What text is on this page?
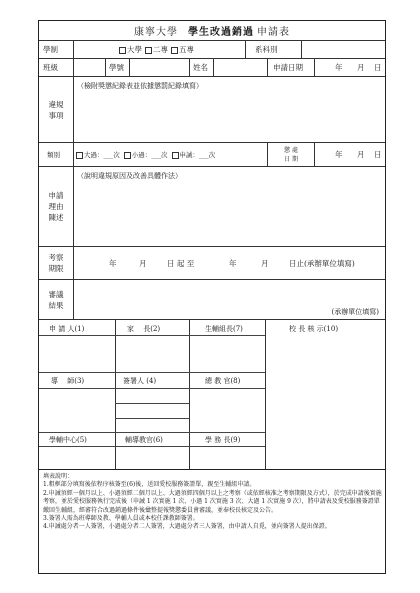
康寧大學 學生改過銷過 申請表
學制	大學	二專	五專	系科別
班級	學號	姓名	申請日期	年 月 日
違規
事項
（檢附獎懲紀錄表並依據懲罰紀錄填寫）
類別	大過：___次	小過：___次	申誡：___次
懲 處
日 期	年 月 日
申請
理由
陳述
（說明違規原因及改善具體作法）
考察
期限
年	月	日 起 至	年	月	日止(承辦單位填寫)
審議
結果
(承辦單位填寫)
申 請 人(1)	家　 長(2)	生輔組長(7)	校 長 核 示(10)
導　 師(3)	簽署人 (4)	總 教 官(8)
學輔中心(5)	輔導教官(6)	學 務 長(9)

填表說明：

1.粗框部分填寫後依程序核簽至(6)後，送回愛校服務簽證單，親至生輔組申請。

2.申誡須經一個月以上、小過須經二個月以上、大過須經四個月以上之考察（或依經核准之考察期限及方式），於完成申請後實施考察，並於愛校服務執行完成後（申誡 1 次實施 1 次、小過 1 次實施 3 次、大過 1 次實施 9 次），將申請表及愛校服務簽證單繳回生輔組，經審符合改過銷過條件後彙整提報獎懲委員會審議，並奉校長核定及公告。

3.簽署人需為班導師及教、學輔人員或本校任課教師簽署。

4.申誡處分者一人簽署，小過處分者二人簽署，大過處分者三人簽署，由申請人自覓，並向簽署人提出保證。
